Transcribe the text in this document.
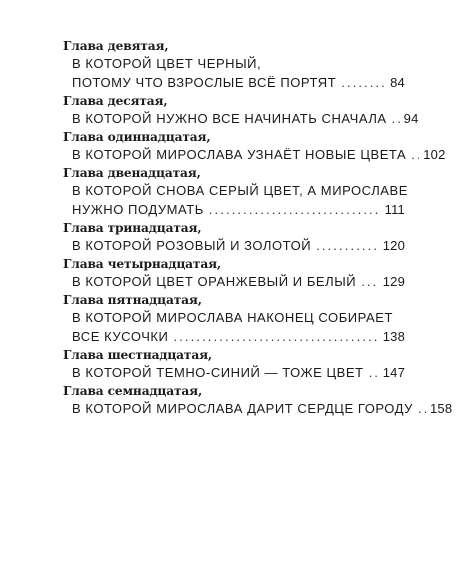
Глава девятая,
В КОТОРОЙ ЦВЕТ ЧЕРНЫЙ,
ПОТОМУ ЧТО ВЗРОСЛЫЕ ВСЁ ПОРТЯТ . . .	84
Глава десятая,
В КОТОРОЙ НУЖНО ВСЕ НАЧИНАТЬ СНАЧАЛА . . . 94
Глава одиннадцатая,
В КОТОРОЙ МИРОСЛАВА УЗНАЁТ НОВЫЕ ЦВЕТА . . . 102
Глава двенадцатая,
В КОТОРОЙ СНОВА СЕРЫЙ ЦВЕТ, А МИРОСЛАВЕ
НУЖНО ПОДУМАТЬ . . .	111
Глава тринадцатая,
В КОТОРОЙ РОЗОВЫЙ И ЗОЛОТОЙ . . .	120
Глава четырнадцатая,
В КОТОРОЙ ЦВЕТ ОРАНЖЕВЫЙ И БЕЛЫЙ . . . 129
Глава пятнадцатая,
В КОТОРОЙ МИРОСЛАВА НАКОНЕЦ СОБИРАЕТ
ВСЕ КУСОЧКИ . . .	138
Глава шестнадцатая,
В КОТОРОЙ ТЕМНО-СИНИЙ — ТОЖЕ ЦВЕТ . . . 147
Глава семнадцатая,
В КОТОРОЙ МИРОСЛАВА ДАРИТ СЕРДЦЕ ГОРОДУ . . . 158
